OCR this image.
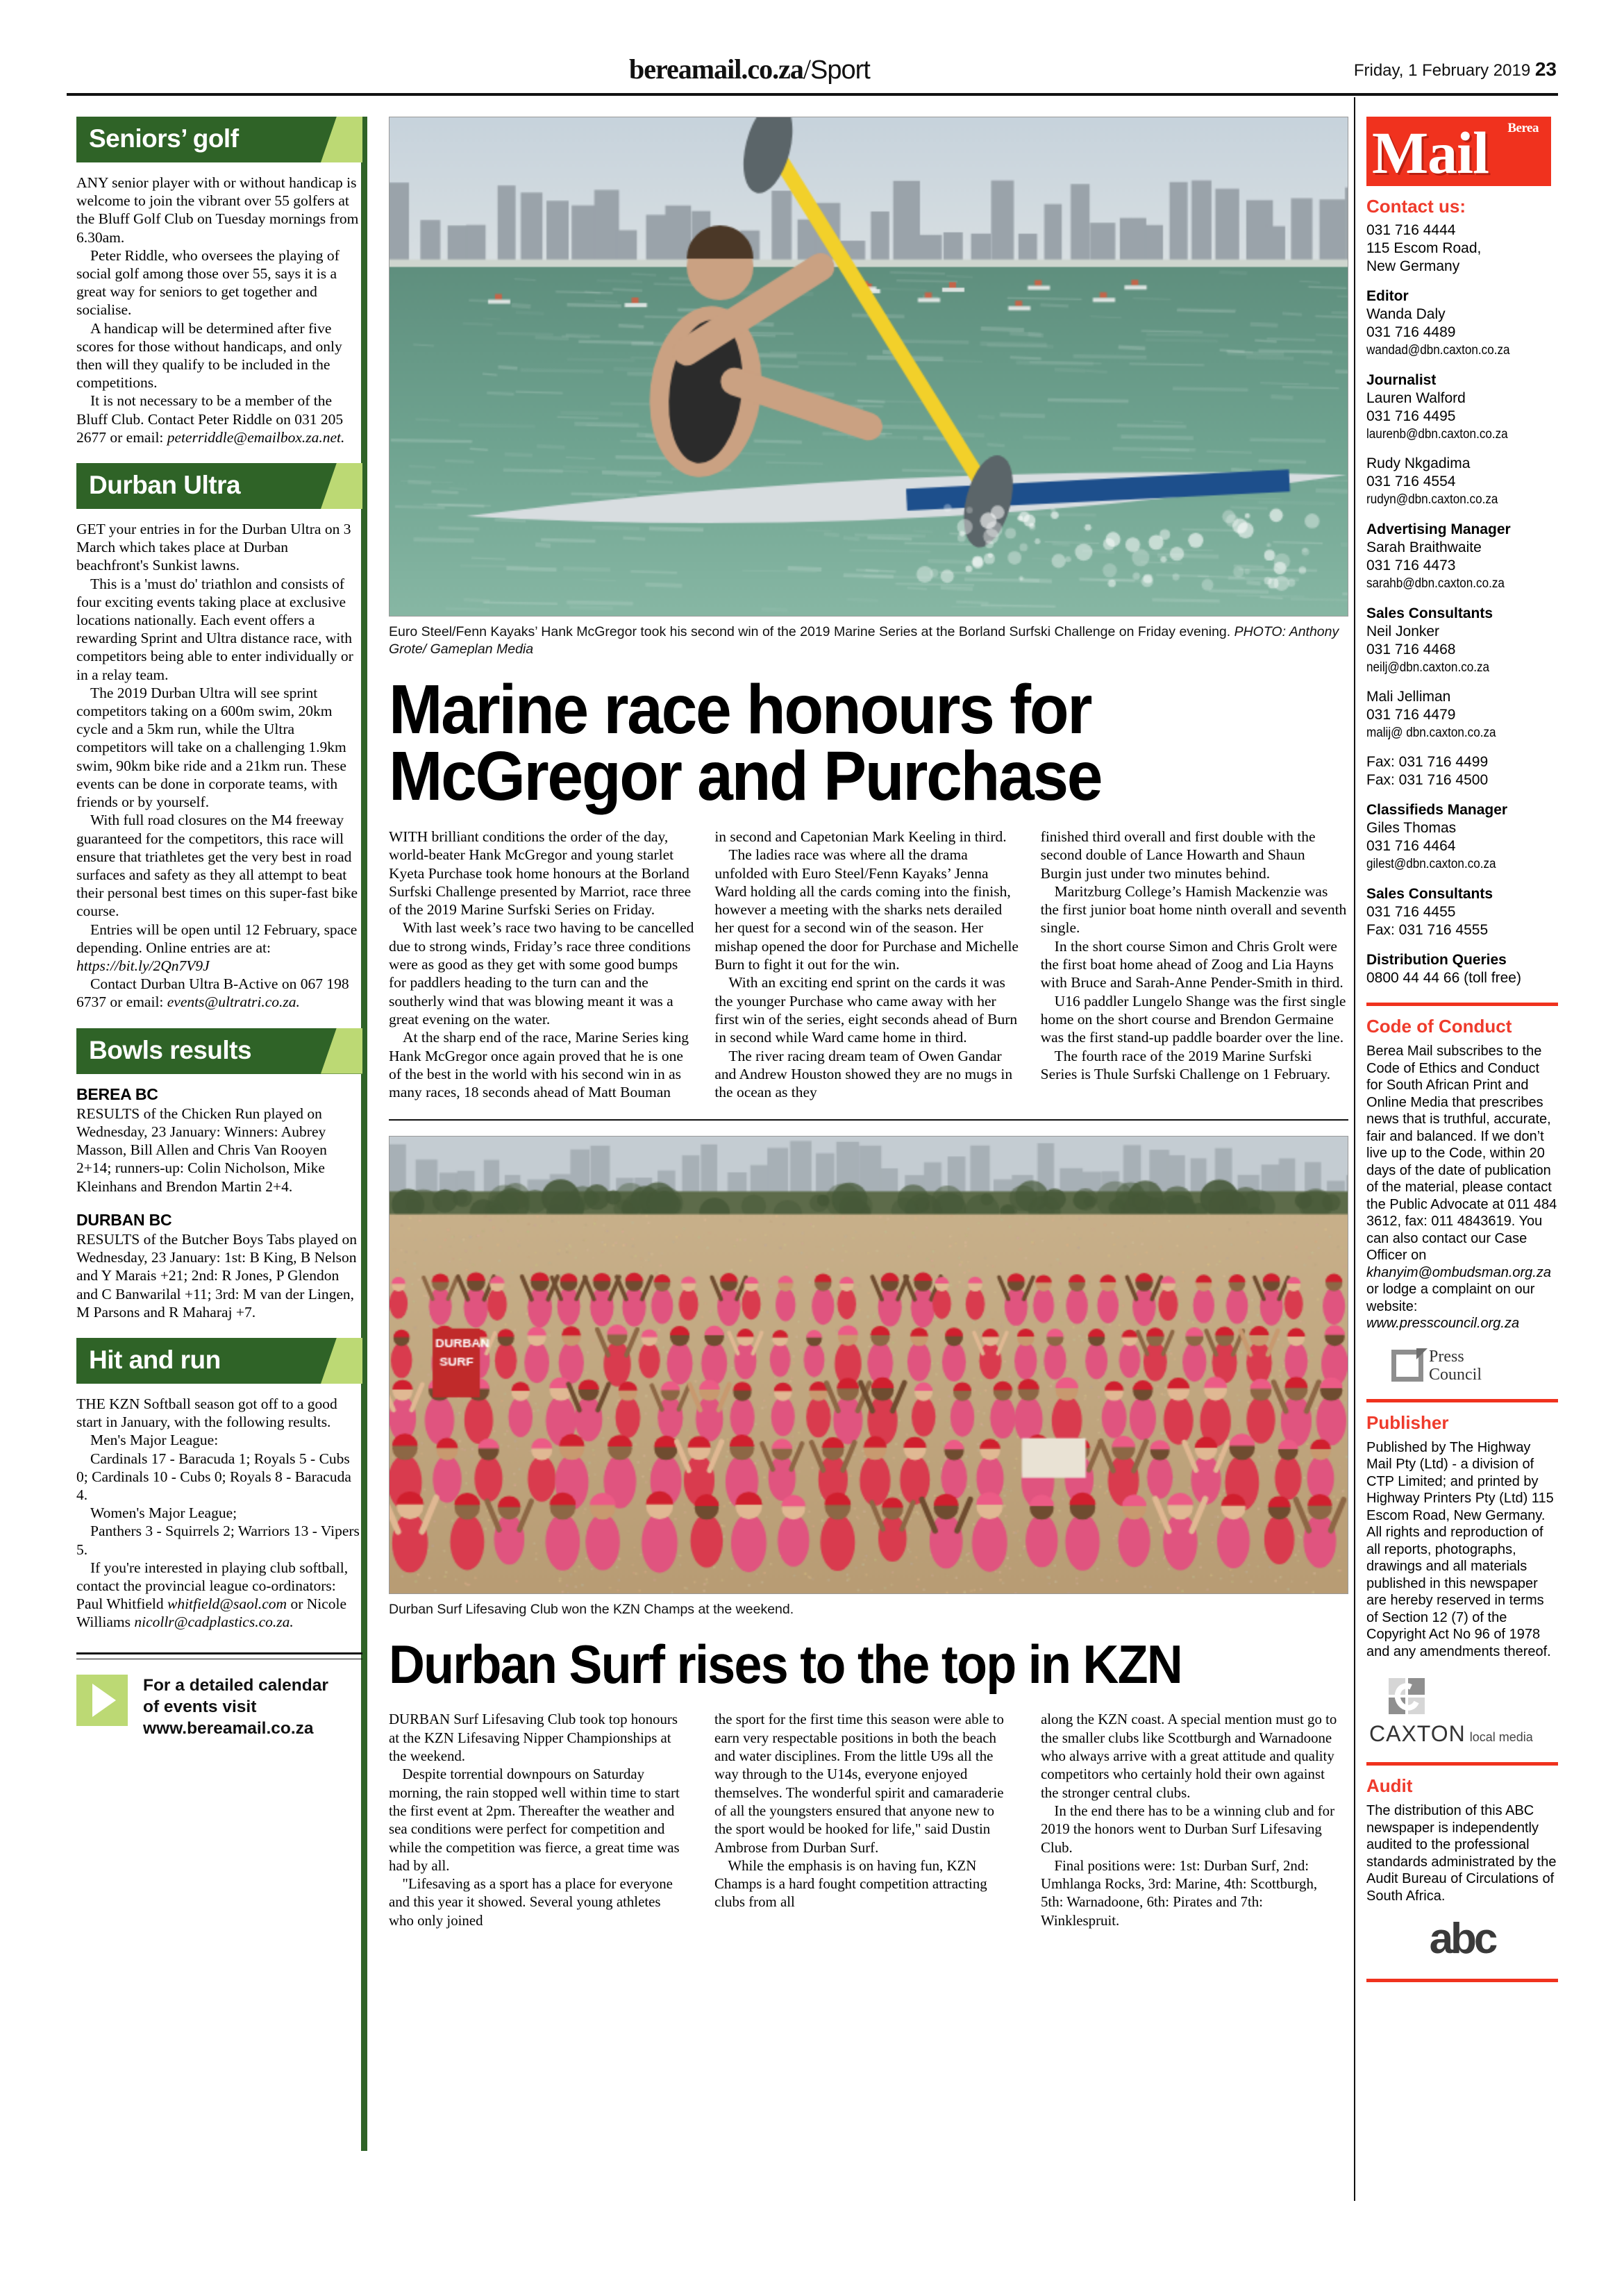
bereamail.co.za/Sport	Friday, 1 February 2019 23
Seniors’ golf

ANY senior player with or without handicap is welcome to join the vibrant over 55 golfers at the Bluff Golf Club on Tuesday mornings from 6.30am.

Peter Riddle, who oversees the playing of social golf among those over 55, says it is a great way for seniors to get together and socialise.

A handicap will be determined after five scores for those without handicaps, and only then will they qualify to be included in the competitions.

It is not necessary to be a member of the Bluff Club. Contact Peter Riddle on 031 205 2677 or email: peterriddle@emailbox.za.net.

Durban Ultra

GET your entries in for the Durban Ultra on 3 March which takes place at Durban beachfront's Sunkist lawns.

This is a 'must do' triathlon and consists of four exciting events taking place at exclusive locations nationally. Each event offers a rewarding Sprint and Ultra distance race, with competitors being able to enter individually or in a relay team.

The 2019 Durban Ultra will see sprint competitors taking on a 600m swim, 20km cycle and a 5km run, while the Ultra competitors will take on a challenging 1.9km swim, 90km bike ride and a 21km run. These events can be done in corporate teams, with friends or by yourself.

With full road closures on the M4 freeway guaranteed for the competitors, this race will ensure that triathletes get the very best in road surfaces and safety as they all attempt to beat their personal best times on this super-fast bike course.

Entries will be open until 12 February, space depending. Online entries are at: https://bit.ly/2Qn7V9J

Contact Durban Ultra B-Active on 067 198 6737 or email: events@ultratri.co.za.

Bowls results
BEREA BC

RESULTS of the Chicken Run played on Wednesday, 23 January: Winners: Aubrey Masson, Bill Allen and Chris Van Rooyen 2+14; runners-up: Colin Nicholson, Mike Kleinhans and Brendon Martin 2+4.

DURBAN BC

RESULTS of the Butcher Boys Tabs played on Wednesday, 23 January: 1st: B King, B Nelson and Y Marais +21; 2nd: R Jones, P Glendon and C Banwarilal +11; 3rd: M van der Lingen, M Parsons and R Maharaj +7.

Hit and run

THE KZN Softball season got off to a good start in January, with the following results.

Men's Major League:

Cardinals 17 - Baracuda 1; Royals 5 - Cubs 0; Cardinals 10 - Cubs 0; Royals 8 - Baracuda 4.

Women's Major League;

Panthers 3 - Squirrels 2; Warriors 13 - Vipers 5.

If you're interested in playing club softball, contact the provincial league co-ordinators: Paul Whitfield whitfield@saol.com or Nicole Williams nicollr@cadplastics.co.za.

For a detailed calendar
of events visit
www.bereamail.co.za
Euro Steel/Fenn Kayaks’ Hank McGregor took his second win of the 2019 Marine Series at the Borland Surfski Challenge on Friday evening. PHOTO: Anthony Grote/ Gameplan Media
Marine race honours for McGregor and Purchase

WITH brilliant conditions the order of the day, world-beater Hank McGregor and young starlet Kyeta Purchase took home honours at the Borland Surfski Challenge presented by Marriot, race three of the 2019 Marine Surfski Series on Friday.

With last week’s race two having to be cancelled due to strong winds, Friday’s race three conditions were as good as they get with some good bumps for paddlers heading to the turn can and the southerly wind that was blowing meant it was a great evening on the water.

At the sharp end of the race, Marine Series king Hank McGregor once again proved that he is one of the best in the world with his second win in as many races, 18 seconds ahead of Matt Bouman

in second and Capetonian Mark Keeling in third.

The ladies race was where all the drama unfolded with Euro Steel/Fenn Kayaks’ Jenna Ward holding all the cards coming into the finish, however a meeting with the sharks nets derailed her quest for a second win of the season. Her mishap opened the door for Purchase and Michelle Burn to fight it out for the win.

With an exciting end sprint on the cards it was the younger Purchase who came away with her first win of the series, eight seconds ahead of Burn in second while Ward came home in third.

The river racing dream team of Owen Gandar and Andrew Houston showed they are no mugs in the ocean as they

finished third overall and first double with the second double of Lance Howarth and Shaun Burgin just under two minutes behind.

Maritzburg College’s Hamish Mackenzie was the first junior boat home ninth overall and seventh single.

In the short course Simon and Chris Grolt were the first boat home ahead of Zoog and Lia Hayns with Bruce and Sarah-Anne Pender-Smith in third.

U16 paddler Lungelo Shange was the first single home on the short course and Brendon Germaine was the first stand-up paddle boarder over the line.

The fourth race of the 2019 Marine Surfski Series is Thule Surfski Challenge on 1 February.

Durban Surf Lifesaving Club won the KZN Champs at the weekend.
Durban Surf rises to the top in KZN

DURBAN Surf Lifesaving Club took top honours at the KZN Lifesaving Nipper Championships at the weekend.

Despite torrential downpours on Saturday morning, the rain stopped well within time to start the first event at 2pm. Thereafter the weather and sea conditions were perfect for competition and while the competition was fierce, a great time was had by all.

"Lifesaving as a sport has a place for everyone and this year it showed. Several young athletes who only joined

the sport for the first time this season were able to earn very respectable positions in both the beach and water disciplines. From the little U9s all the way through to the U14s, everyone enjoyed themselves. The wonderful spirit and camaraderie of all the youngsters ensured that anyone new to the sport would be hooked for life," said Dustin Ambrose from Durban Surf.

While the emphasis is on having fun, KZN Champs is a hard fought competition attracting clubs from all

along the KZN coast. A special mention must go to the smaller clubs like Scottburgh and Warnadoone who always arrive with a great attitude and quality competitors who certainly hold their own against the stronger central clubs.

In the end there has to be a winning club and for 2019 the honors went to Durban Surf Lifesaving Club.

Final positions were: 1st: Durban Surf, 2nd: Umhlanga Rocks, 3rd: Marine, 4th: Scottburgh, 5th: Warnadoone, 6th: Pirates and 7th: Winklespruit.

Berea
Mail
Contact us:
031 716 4444
115 Escom Road,
New Germany
Editor
Wanda Daly
031 716 4489
wandad@dbn.caxton.co.za
Journalist
Lauren Walford
031 716 4495
laurenb@dbn.caxton.co.za
Rudy Nkgadima
031 716 4554
rudyn@dbn.caxton.co.za
Advertising Manager
Sarah Braithwaite
031 716 4473
sarahb@dbn.caxton.co.za
Sales Consultants
Neil Jonker
031 716 4468
neilj@dbn.caxton.co.za
Mali Jelliman
031 716 4479
malij@ dbn.caxton.co.za
Fax: 031 716 4499
Fax: 031 716 4500
Classifieds Manager
Giles Thomas
031 716 4464
gilest@dbn.caxton.co.za
Sales Consultants
031 716 4455
Fax: 031 716 4555
Distribution Queries
0800 44 44 66 (toll free)
Code of Conduct
Berea Mail subscribes to the Code of Ethics and Conduct for South African Print and Online Media that prescribes news that is truthful, accurate, fair and balanced. If we don’t live up to the Code, within 20 days of the date of publication of the material, please contact the Public Advocate at 011 484 3612, fax: 011 4843619. You can also contact our Case Officer on khanyim@ombudsman.org.za or lodge a complaint on our website: www.presscouncil.org.za
Press
Council
Publisher
Published by The Highway Mail Pty (Ltd) - a division of CTP Limited; and printed by Highway Printers Pty (Ltd) 115 Escom Road, New Germany. All rights and reproduction of all reports, photographs, drawings and all materials published in this newspaper are hereby reserved in terms of Section 12 (7) of the Copyright Act No 96 of 1978 and any amendments thereof.
CAXTON local media
Audit
The distribution of this ABC newspaper is independently audited to the professional standards administrated by the Audit Bureau of Circulations of South Africa.
abc
